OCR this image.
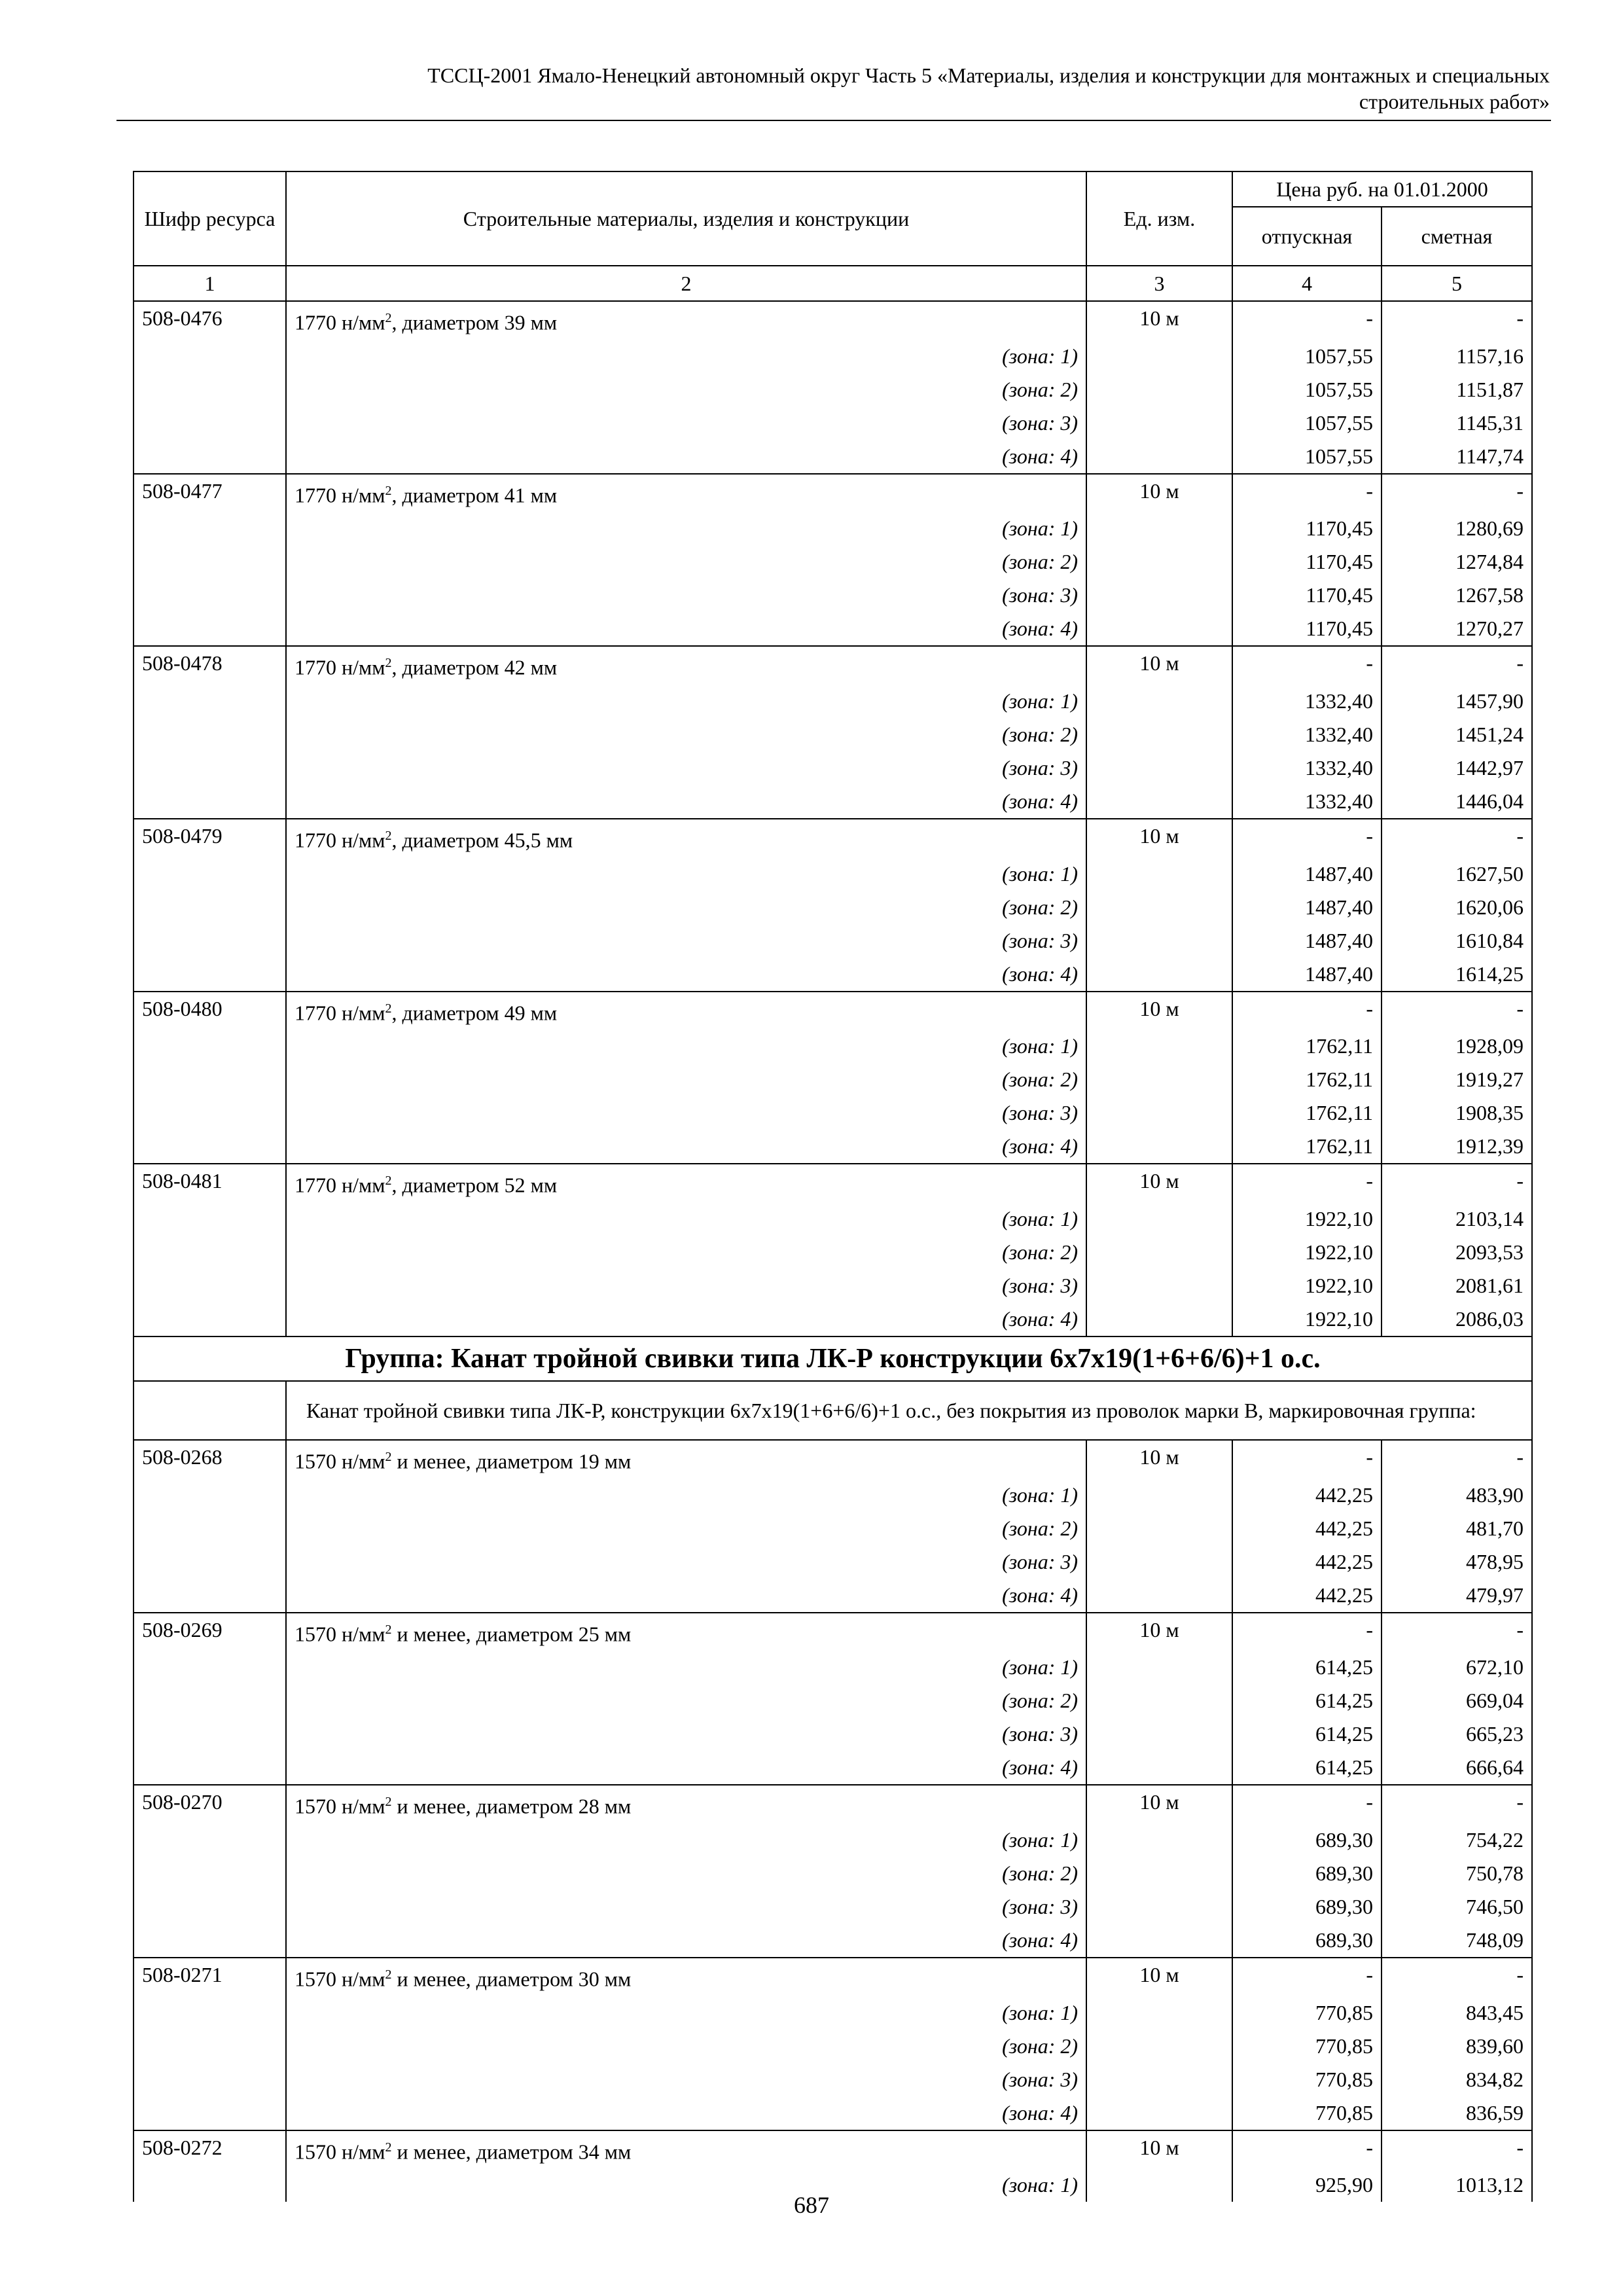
ТССЦ-2001 Ямало-Ненецкий автономный округ Часть 5 «Материалы, изделия и конструкции для монтажных и специальных
строительных работ»
Шифр ресурса	Строительные материалы, изделия и конструкции	Ед. изм.	Цена руб. на 01.01.2000	
			отпускная	сметная
1	2	3	4	5
508-0476	1770 $н/мм^2$, диаметром 39 мм	10 м	-	-
	(зона: 1)		1057,55	1157,16
	(зона: 2)		1057,55	1151,87
	(зона: 3)		1057,55	1145,31
	(зона: 4)		1057,55	1147,74
508-0477	1770 $н/мм^2$, диаметром 41 мм	10 м	-	-
	(зона: 1)		1170,45	1280,69
	(зона: 2)		1170,45	1274,84
	(зона: 3)		1170,45	1267,58
	(зона: 4)		1170,45	1270,27
508-0478	1770 $н/мм^2$, диаметром 42 мм	10 м	-	-
	(зона: 1)		1332,40	1457,90
	(зона: 2)		1332,40	1451,24
	(зона: 3)		1332,40	1442,97
	(зона: 4)		1332,40	1446,04
508-0479	1770 $н/мм^2$, диаметром 45,5 мм	10 м	-	-
	(зона: 1)		1487,40	1627,50
	(зона: 2)		1487,40	1620,06
	(зона: 3)		1487,40	1610,84
	(зона: 4)		1487,40	1614,25
508-0480	1770 $н/мм^2$, диаметром 49 мм	10 м	-	-
	(зона: 1)		1762,11	1928,09
	(зона: 2)		1762,11	1919,27
	(зона: 3)		1762,11	1908,35
	(зона: 4)		1762,11	1912,39
508-0481	1770 $н/мм^2$, диаметром 52 мм	10 м	-	-
	(зона: 1)		1922,10	2103,14
	(зона: 2)		1922,10	2093,53
	(зона: 3)		1922,10	2081,61
	(зона: 4)		1922,10	2086,03
Группа: Канат тройной свивки типа ЛК-Р конструкции 6х7х19(1+6+6/6)+1 о.с.				
	Канат тройной свивки типа ЛК-Р, конструкции 6х7х19(1+6+6/6)+1 о.с., без покрытия из проволок марки В, маркировочная группа:			
508-0268	1570 $н/мм^2$ и менее, диаметром 19 мм	10 м	-	-
	(зона: 1)		442,25	483,90
	(зона: 2)		442,25	481,70
	(зона: 3)		442,25	478,95
	(зона: 4)		442,25	479,97
508-0269	1570 $н/мм^2$ и менее, диаметром 25 мм	10 м	-	-
	(зона: 1)		614,25	672,10
	(зона: 2)		614,25	669,04
	(зона: 3)		614,25	665,23
	(зона: 4)		614,25	666,64
508-0270	1570 $н/мм^2$ и менее, диаметром 28 мм	10 м	-	-
	(зона: 1)		689,30	754,22
	(зона: 2)		689,30	750,78
	(зона: 3)		689,30	746,50
	(зона: 4)		689,30	748,09
508-0271	1570 $н/мм^2$ и менее, диаметром 30 мм	10 м	-	-
	(зона: 1)		770,85	843,45
	(зона: 2)		770,85	839,60
	(зона: 3)		770,85	834,82
	(зона: 4)		770,85	836,59
508-0272	1570 $н/мм^2$ и менее, диаметром 34 мм	10 м	-	-
	(зона: 1)		925,90	1013,12
687
